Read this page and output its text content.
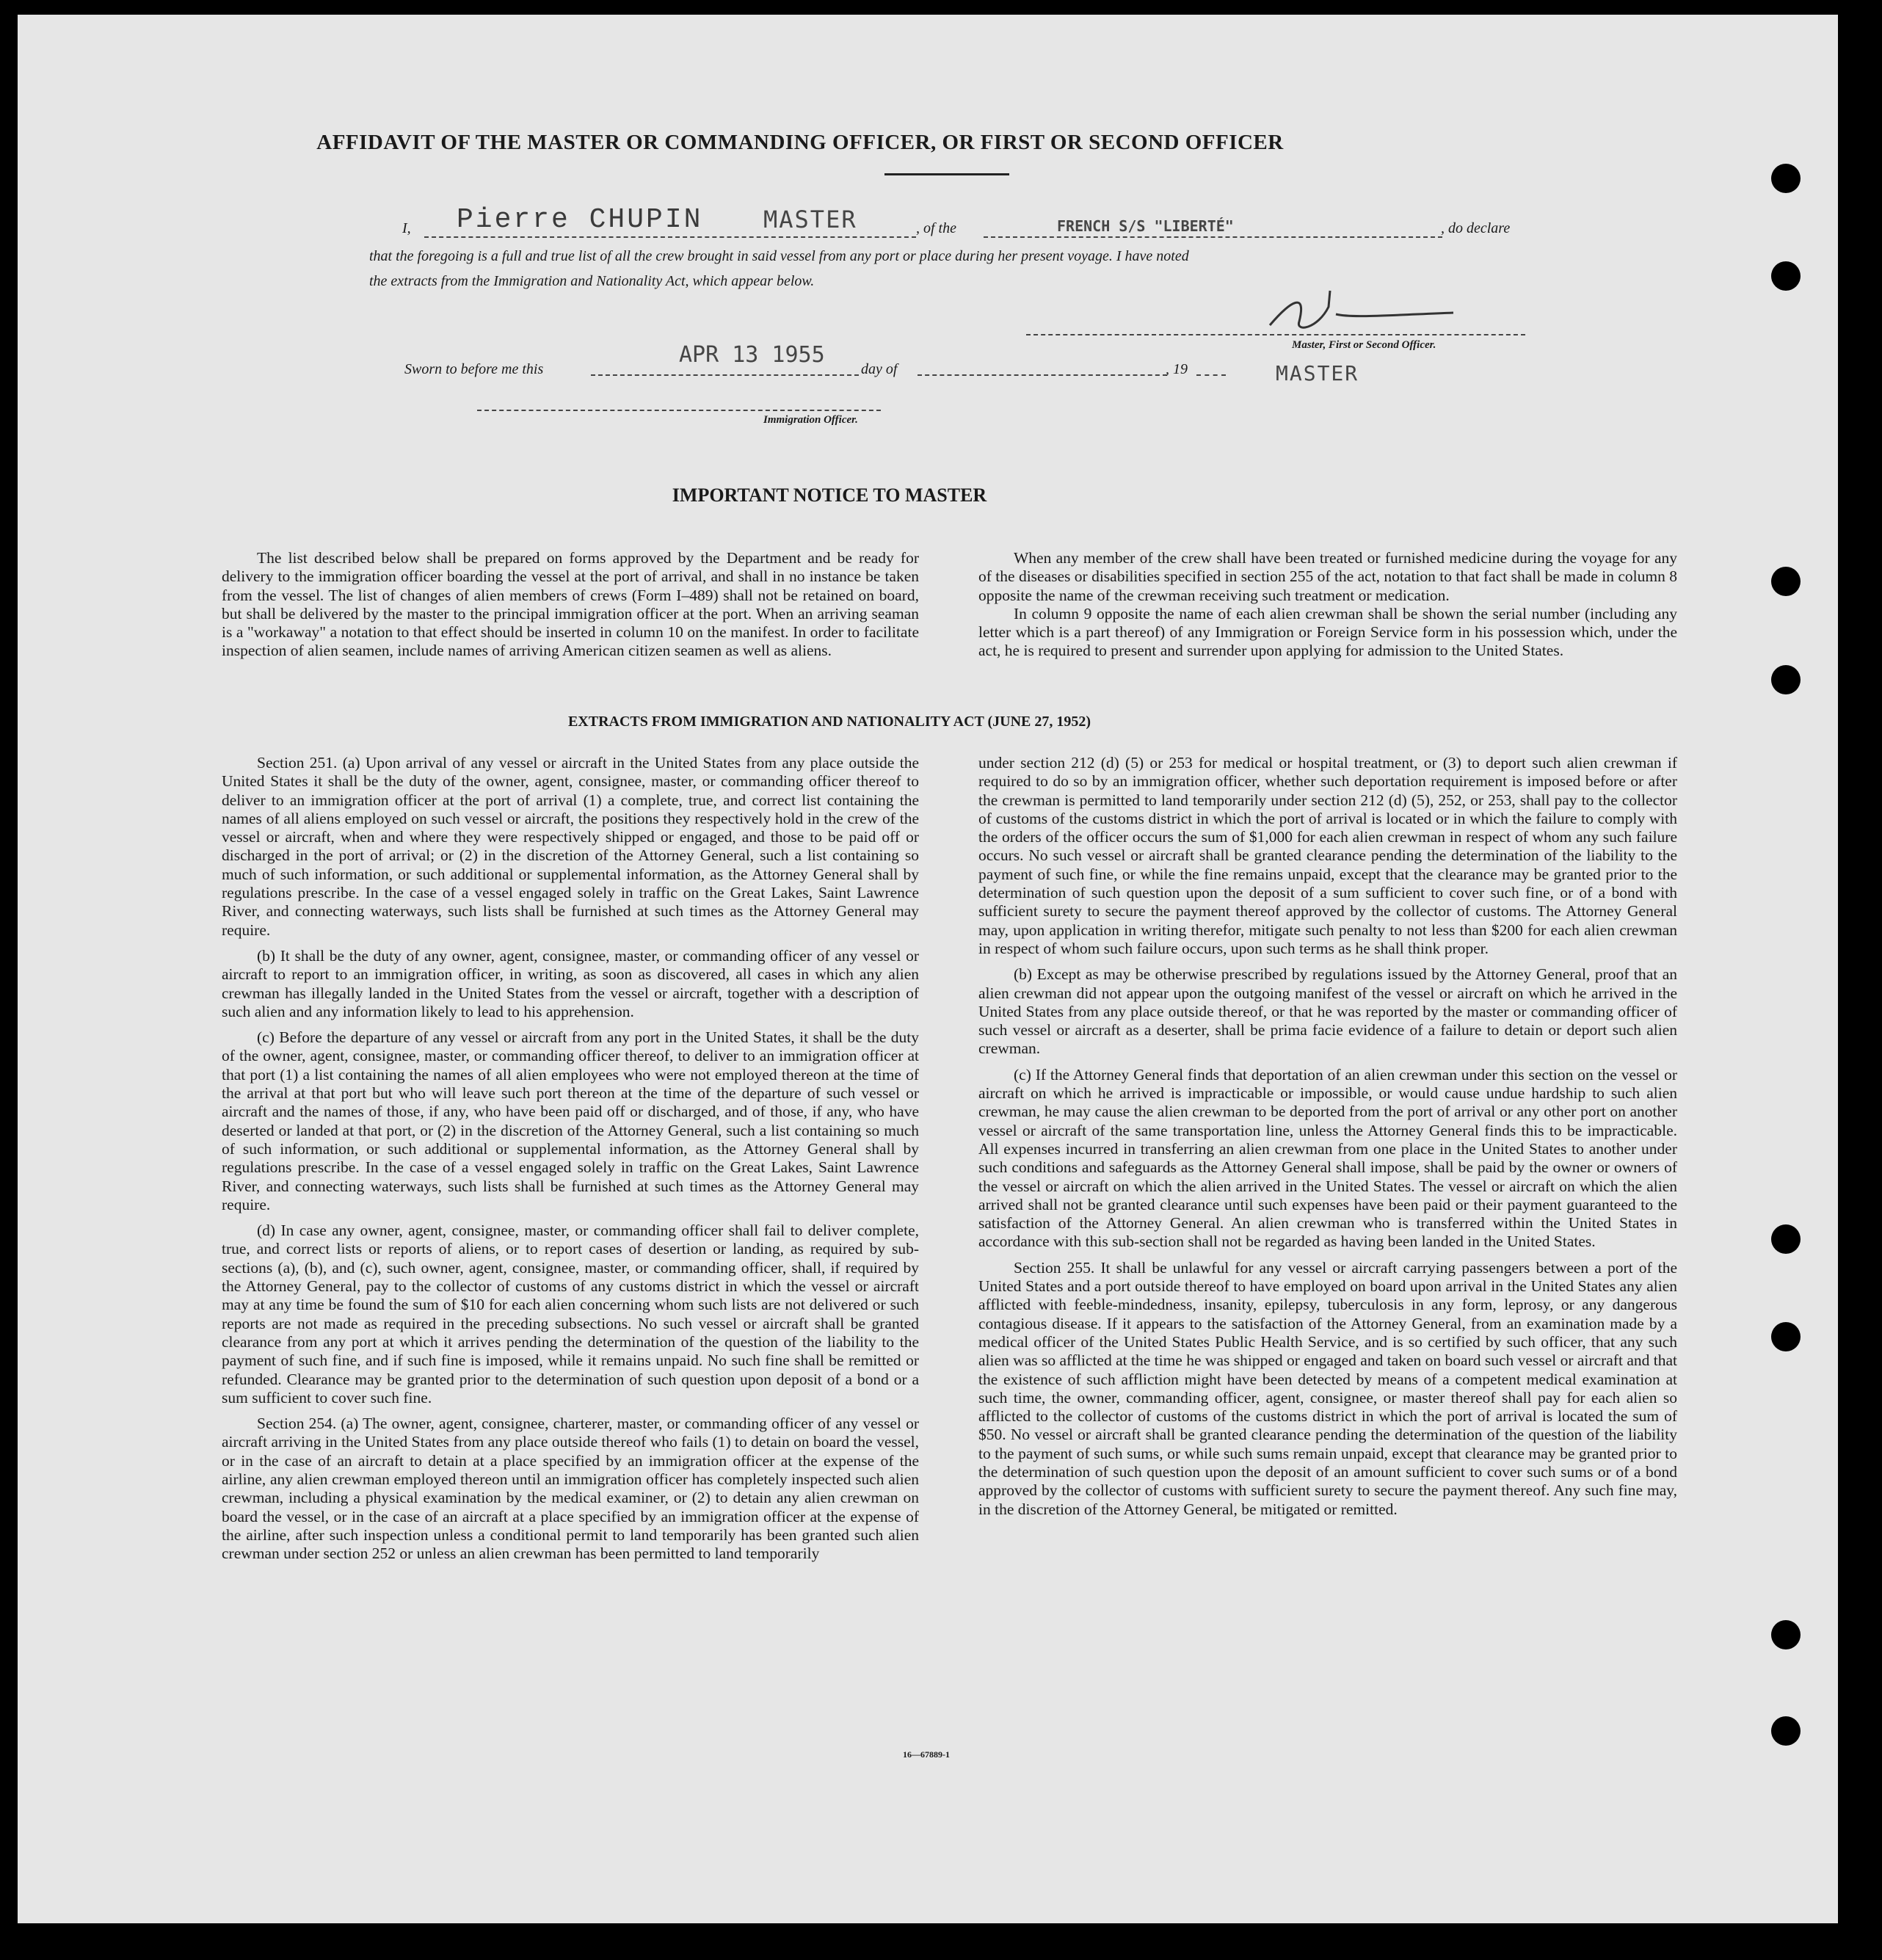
AFFIDAVIT OF THE MASTER OR COMMANDING OFFICER, OR FIRST OR SECOND OFFICER
I, Pierre CHUPIN	MASTER	, of the	FRENCH S/S "LIBERTÉ"	, do declare
that the foregoing is a full and true list of all the crew brought in said vessel from any port or place during her present voyage. I have noted
the extracts from the Immigration and Nationality Act, which appear below.
Master, First or Second Officer.
MASTER
Sworn to before me this
APR 13 1955
day of	, 19
Immigration Officer.
IMPORTANT NOTICE TO MASTER

The list described below shall be prepared on forms approved by the Department and be ready for delivery to the immigration officer boarding the vessel at the port of arrival, and shall in no instance be taken from the vessel. The list of changes of alien members of crews (Form I–489) shall not be retained on board, but shall be delivered by the master to the principal immigration officer at the port. When an arriving seaman is a "workaway" a notation to that effect should be inserted in column 10 on the manifest. In order to facilitate inspection of alien seamen, include names of arriving American citizen seamen as well as aliens.

When any member of the crew shall have been treated or furnished medicine during the voyage for any of the diseases or disabilities specified in section 255 of the act, notation to that fact shall be made in column 8 opposite the name of the crewman receiving such treatment or medication.

In column 9 opposite the name of each alien crewman shall be shown the serial number (including any letter which is a part thereof) of any Immigration or Foreign Service form in his possession which, under the act, he is required to present and surrender upon applying for admission to the United States.

EXTRACTS FROM IMMIGRATION AND NATIONALITY ACT (JUNE 27, 1952)

Section 251. (a) Upon arrival of any vessel or aircraft in the United States from any place outside the United States it shall be the duty of the owner, agent, consignee, master, or commanding officer thereof to deliver to an immigration officer at the port of arrival (1) a complete, true, and correct list containing the names of all aliens employed on such vessel or aircraft, the positions they respectively hold in the crew of the vessel or aircraft, when and where they were respectively shipped or engaged, and those to be paid off or discharged in the port of arrival; or (2) in the discretion of the Attorney General, such a list containing so much of such information, or such additional or supplemental information, as the Attorney General shall by regulations prescribe. In the case of a vessel engaged solely in traffic on the Great Lakes, Saint Lawrence River, and connecting waterways, such lists shall be furnished at such times as the Attorney General may require.

(b) It shall be the duty of any owner, agent, consignee, master, or commanding officer of any vessel or aircraft to report to an immigration officer, in writing, as soon as discovered, all cases in which any alien crewman has illegally landed in the United States from the vessel or aircraft, together with a description of such alien and any information likely to lead to his apprehension.

(c) Before the departure of any vessel or aircraft from any port in the United States, it shall be the duty of the owner, agent, consignee, master, or commanding officer thereof, to deliver to an immigration officer at that port (1) a list containing the names of all alien employees who were not employed thereon at the time of the arrival at that port but who will leave such port thereon at the time of the departure of such vessel or aircraft and the names of those, if any, who have been paid off or discharged, and of those, if any, who have deserted or landed at that port, or (2) in the discretion of the Attorney General, such a list containing so much of such information, or such additional or supplemental information, as the Attorney General shall by regulations prescribe. In the case of a vessel engaged solely in traffic on the Great Lakes, Saint Lawrence River, and connecting waterways, such lists shall be furnished at such times as the Attorney General may require.

(d) In case any owner, agent, consignee, master, or commanding officer shall fail to deliver complete, true, and correct lists or reports of aliens, or to report cases of desertion or landing, as required by sub-sections (a), (b), and (c), such owner, agent, consignee, master, or commanding officer, shall, if required by the Attorney General, pay to the collector of customs of any customs district in which the vessel or aircraft may at any time be found the sum of $10 for each alien concerning whom such lists are not delivered or such reports are not made as required in the preceding subsections. No such vessel or aircraft shall be granted clearance from any port at which it arrives pending the determination of the question of the liability to the payment of such fine, and if such fine is imposed, while it remains unpaid. No such fine shall be remitted or refunded. Clearance may be granted prior to the determination of such question upon deposit of a bond or a sum sufficient to cover such fine.

Section 254. (a) The owner, agent, consignee, charterer, master, or commanding officer of any vessel or aircraft arriving in the United States from any place outside thereof who fails (1) to detain on board the vessel, or in the case of an aircraft to detain at a place specified by an immigration officer at the expense of the airline, any alien crewman employed thereon until an immigration officer has completely inspected such alien crewman, including a physical examination by the medical examiner, or (2) to detain any alien crewman on board the vessel, or in the case of an aircraft at a place specified by an immigration officer at the expense of the airline, after such inspection unless a conditional permit to land temporarily has been granted such alien crewman under section 252 or unless an alien crewman has been permitted to land temporarily

under section 212 (d) (5) or 253 for medical or hospital treatment, or (3) to deport such alien crewman if required to do so by an immigration officer, whether such deportation requirement is imposed before or after the crewman is permitted to land temporarily under section 212 (d) (5), 252, or 253, shall pay to the collector of customs of the customs district in which the port of arrival is located or in which the failure to comply with the orders of the officer occurs the sum of $1,000 for each alien crewman in respect of whom any such failure occurs. No such vessel or aircraft shall be granted clearance pending the determination of the liability to the payment of such fine, or while the fine remains unpaid, except that the clearance may be granted prior to the determination of such question upon the deposit of a sum sufficient to cover such fine, or of a bond with sufficient surety to secure the payment thereof approved by the collector of customs. The Attorney General may, upon application in writing therefor, mitigate such penalty to not less than $200 for each alien crewman in respect of whom such failure occurs, upon such terms as he shall think proper.

(b) Except as may be otherwise prescribed by regulations issued by the Attorney General, proof that an alien crewman did not appear upon the outgoing manifest of the vessel or aircraft on which he arrived in the United States from any place outside thereof, or that he was reported by the master or commanding officer of such vessel or aircraft as a deserter, shall be prima facie evidence of a failure to detain or deport such alien crewman.

(c) If the Attorney General finds that deportation of an alien crewman under this section on the vessel or aircraft on which he arrived is impracticable or impossible, or would cause undue hardship to such alien crewman, he may cause the alien crewman to be deported from the port of arrival or any other port on another vessel or aircraft of the same transportation line, unless the Attorney General finds this to be impracticable. All expenses incurred in transferring an alien crewman from one place in the United States to another under such conditions and safeguards as the Attorney General shall impose, shall be paid by the owner or owners of the vessel or aircraft on which the alien arrived in the United States. The vessel or aircraft on which the alien arrived shall not be granted clearance until such expenses have been paid or their payment guaranteed to the satisfaction of the Attorney General. An alien crewman who is transferred within the United States in accordance with this sub-section shall not be regarded as having been landed in the United States.

Section 255. It shall be unlawful for any vessel or aircraft carrying passengers between a port of the United States and a port outside thereof to have employed on board upon arrival in the United States any alien afflicted with feeble-mindedness, insanity, epilepsy, tuberculosis in any form, leprosy, or any dangerous contagious disease. If it appears to the satisfaction of the Attorney General, from an examination made by a medical officer of the United States Public Health Service, and is so certified by such officer, that any such alien was so afflicted at the time he was shipped or engaged and taken on board such vessel or aircraft and that the existence of such affliction might have been detected by means of a competent medical examination at such time, the owner, commanding officer, agent, consignee, or master thereof shall pay for each alien so afflicted to the collector of customs of the customs district in which the port of arrival is located the sum of $50. No vessel or aircraft shall be granted clearance pending the determination of the question of the liability to the payment of such sums, or while such sums remain unpaid, except that clearance may be granted prior to the determination of such question upon the deposit of an amount sufficient to cover such sums or of a bond approved by the collector of customs with sufficient surety to secure the payment thereof. Any such fine may, in the discretion of the Attorney General, be mitigated or remitted.

16—67889-1
